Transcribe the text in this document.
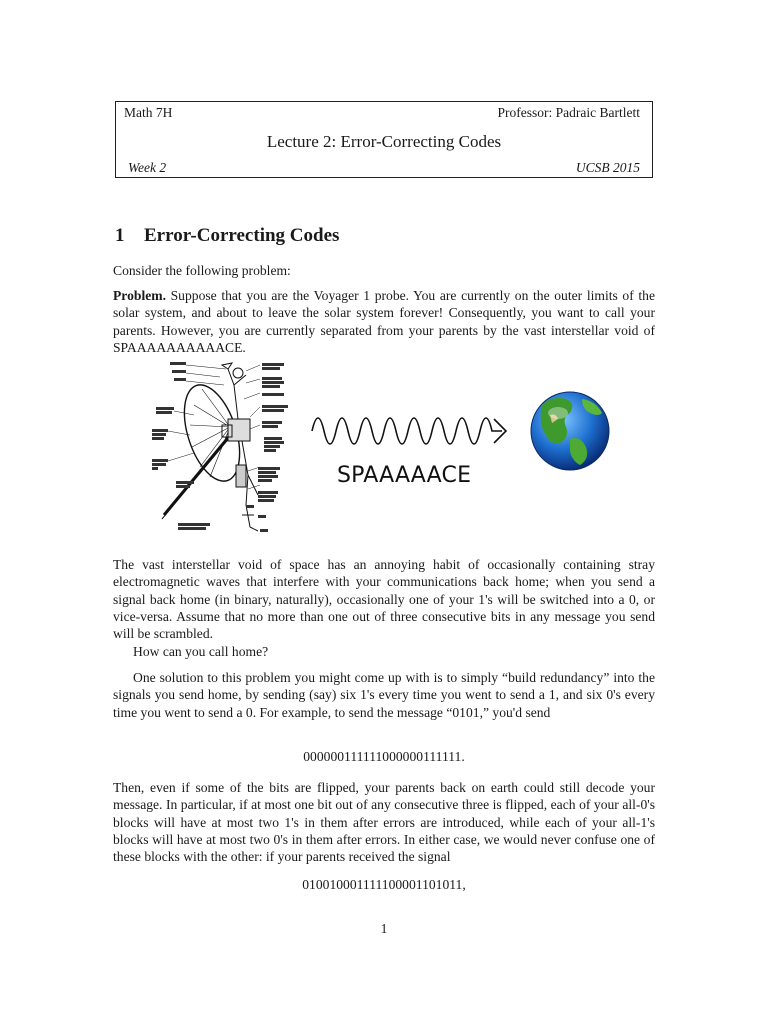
Math 7H	Professor: Padraic Bartlett
Lecture 2: Error-Correcting Codes
Week 2	UCSB 2015
1 Error-Correcting Codes
Consider the following problem:
Problem. Suppose that you are the Voyager 1 probe. You are currently on the outer limits of the solar system, and about to leave the solar system forever! Consequently, you want to call your parents. However, you are currently separated from your parents by the vast interstellar void of SPAAAAAAAAAACE.
SPAAAAACE
The vast interstellar void of space has an annoying habit of occasionally containing stray electromagnetic waves that interfere with your communications back home; when you send a signal back home (in binary, naturally), occasionally one of your 1's will be switched into a 0, or vice-versa. Assume that no more than one out of three consecutive bits in any message you send will be scrambled.
How can you call home?
One solution to this problem you might come up with is to simply “build redundancy” into the signals you send home, by sending (say) six 1's every time you went to send a 1, and six 0's every time you went to send a 0. For example, to send the message “0101,” you'd send
000000111111000000111111.
Then, even if some of the bits are flipped, your parents back on earth could still decode your message. In particular, if at most one bit out of any consecutive three is flipped, each of your all-0's blocks will have at most two 1's in them after errors are introduced, while each of your all-1's blocks will have at most two 0's in them after errors. In either case, we would never confuse one of these blocks with the other: if your parents received the signal
010010001111100001101011,
1
